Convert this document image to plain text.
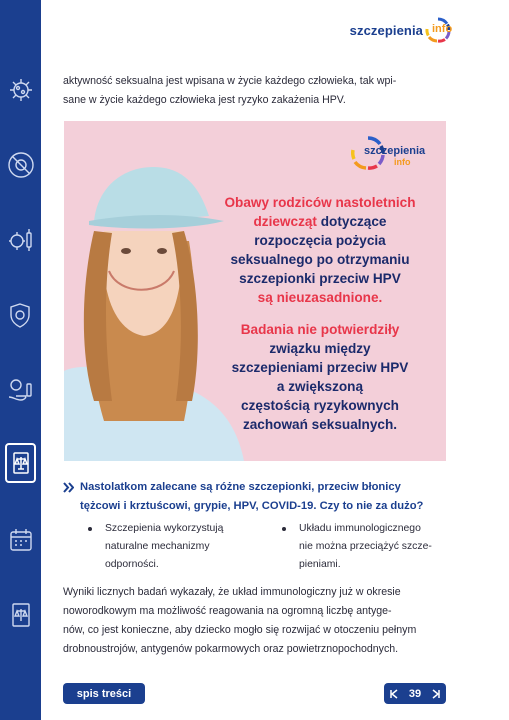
szczepienia info
aktywność seksualna jest wpisana w życie każdego człowieka, tak wpi-
sane w życie każdego człowieka jest ryzyko zakażenia HPV.
szczepienia
info
Obawy rodziców nastoletnich
dziewcząt dotyczące
rozpoczęcia pożycia
seksualnego po otrzymaniu
szczepionki przeciw HPV
są nieuzasadnione.
Badania nie potwierdziły
związku między
szczepieniami przeciw HPV
a zwiększoną
częstością ryzykownych
zachowań seksualnych.
Nastolatkom zalecane są różne szczepionki, przeciw błonicy
tężcowi i krztuścowi, grypie, HPV, COVID-19. Czy to nie za dużo?
Szczepienia wykorzystują
naturalne mechanizmy
odporności.
Układu immunologicznego
nie można przeciążyć szcze-
pieniami.
Wyniki licznych badań wykazały, że układ immunologiczny już w okresie
noworodkowym ma możliwość reagowania na ogromną liczbę antyge-
nów, co jest konieczne, aby dziecko mogło się rozwijać w otoczeniu pełnym
drobnoustrojów, antygenów pokarmowych oraz powietrznopochodnych.
spis treści	39
